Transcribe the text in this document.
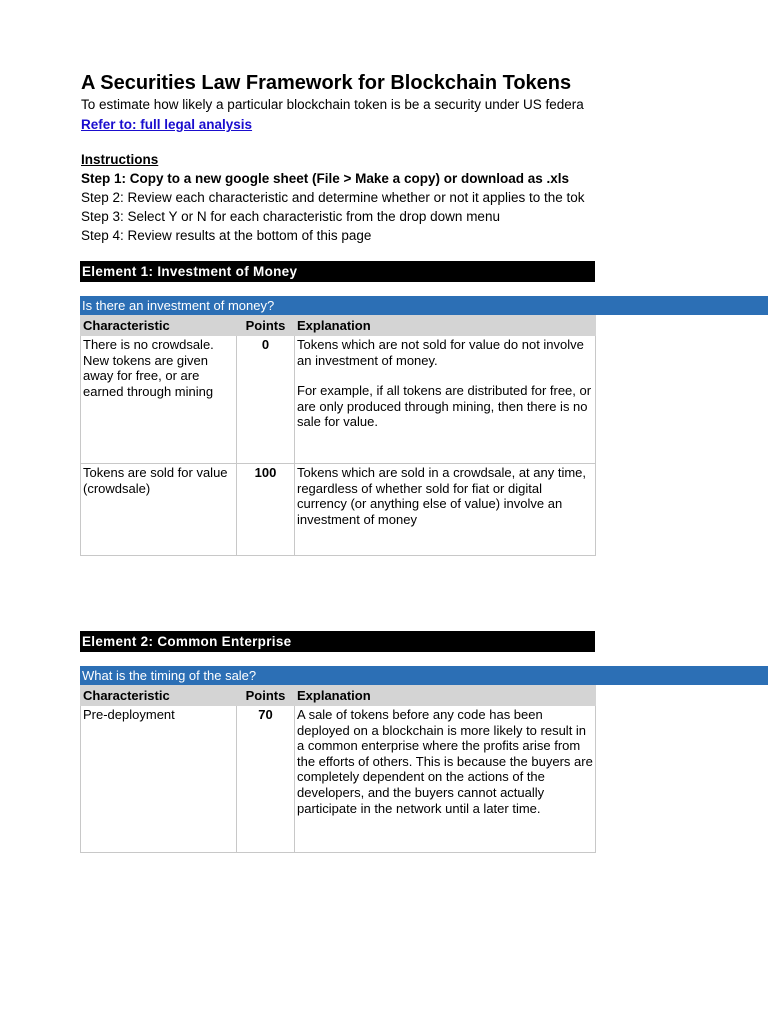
A Securities Law Framework for Blockchain Tokens
To estimate how likely a particular blockchain token is be a security under US federa
Refer to: full legal analysis
Instructions
Step 1: Copy to a new google sheet (File > Make a copy) or download as .xls
Step 2: Review each characteristic and determine whether or not it applies to the tok
Step 3: Select Y or N for each characteristic from the drop down menu
Step 4: Review results at the bottom of this page
Element 1: Investment of Money
Is there an investment of money?
Characteristic	Points	Explanation
There is no crowdsale. New tokens are given away for free, or are earned through mining	0	Tokens which are not sold for value do not involve an investment of money.

For example, if all tokens are distributed for free, or are only produced through mining, then there is no sale for value.

Tokens are sold for value (crowdsale)	100	Tokens which are sold in a crowdsale, at any time, regardless of whether sold for fiat or digital currency (or anything else of value) involve an investment of money

Element 2: Common Enterprise
What is the timing of the sale?
Characteristic	Points	Explanation
Pre-deployment	70	A sale of tokens before any code has been deployed on a blockchain is more likely to result in a common enterprise where the profits arise from the efforts of others. This is because the buyers are completely dependent on the actions of the developers, and the buyers cannot actually participate in the network until a later time.
